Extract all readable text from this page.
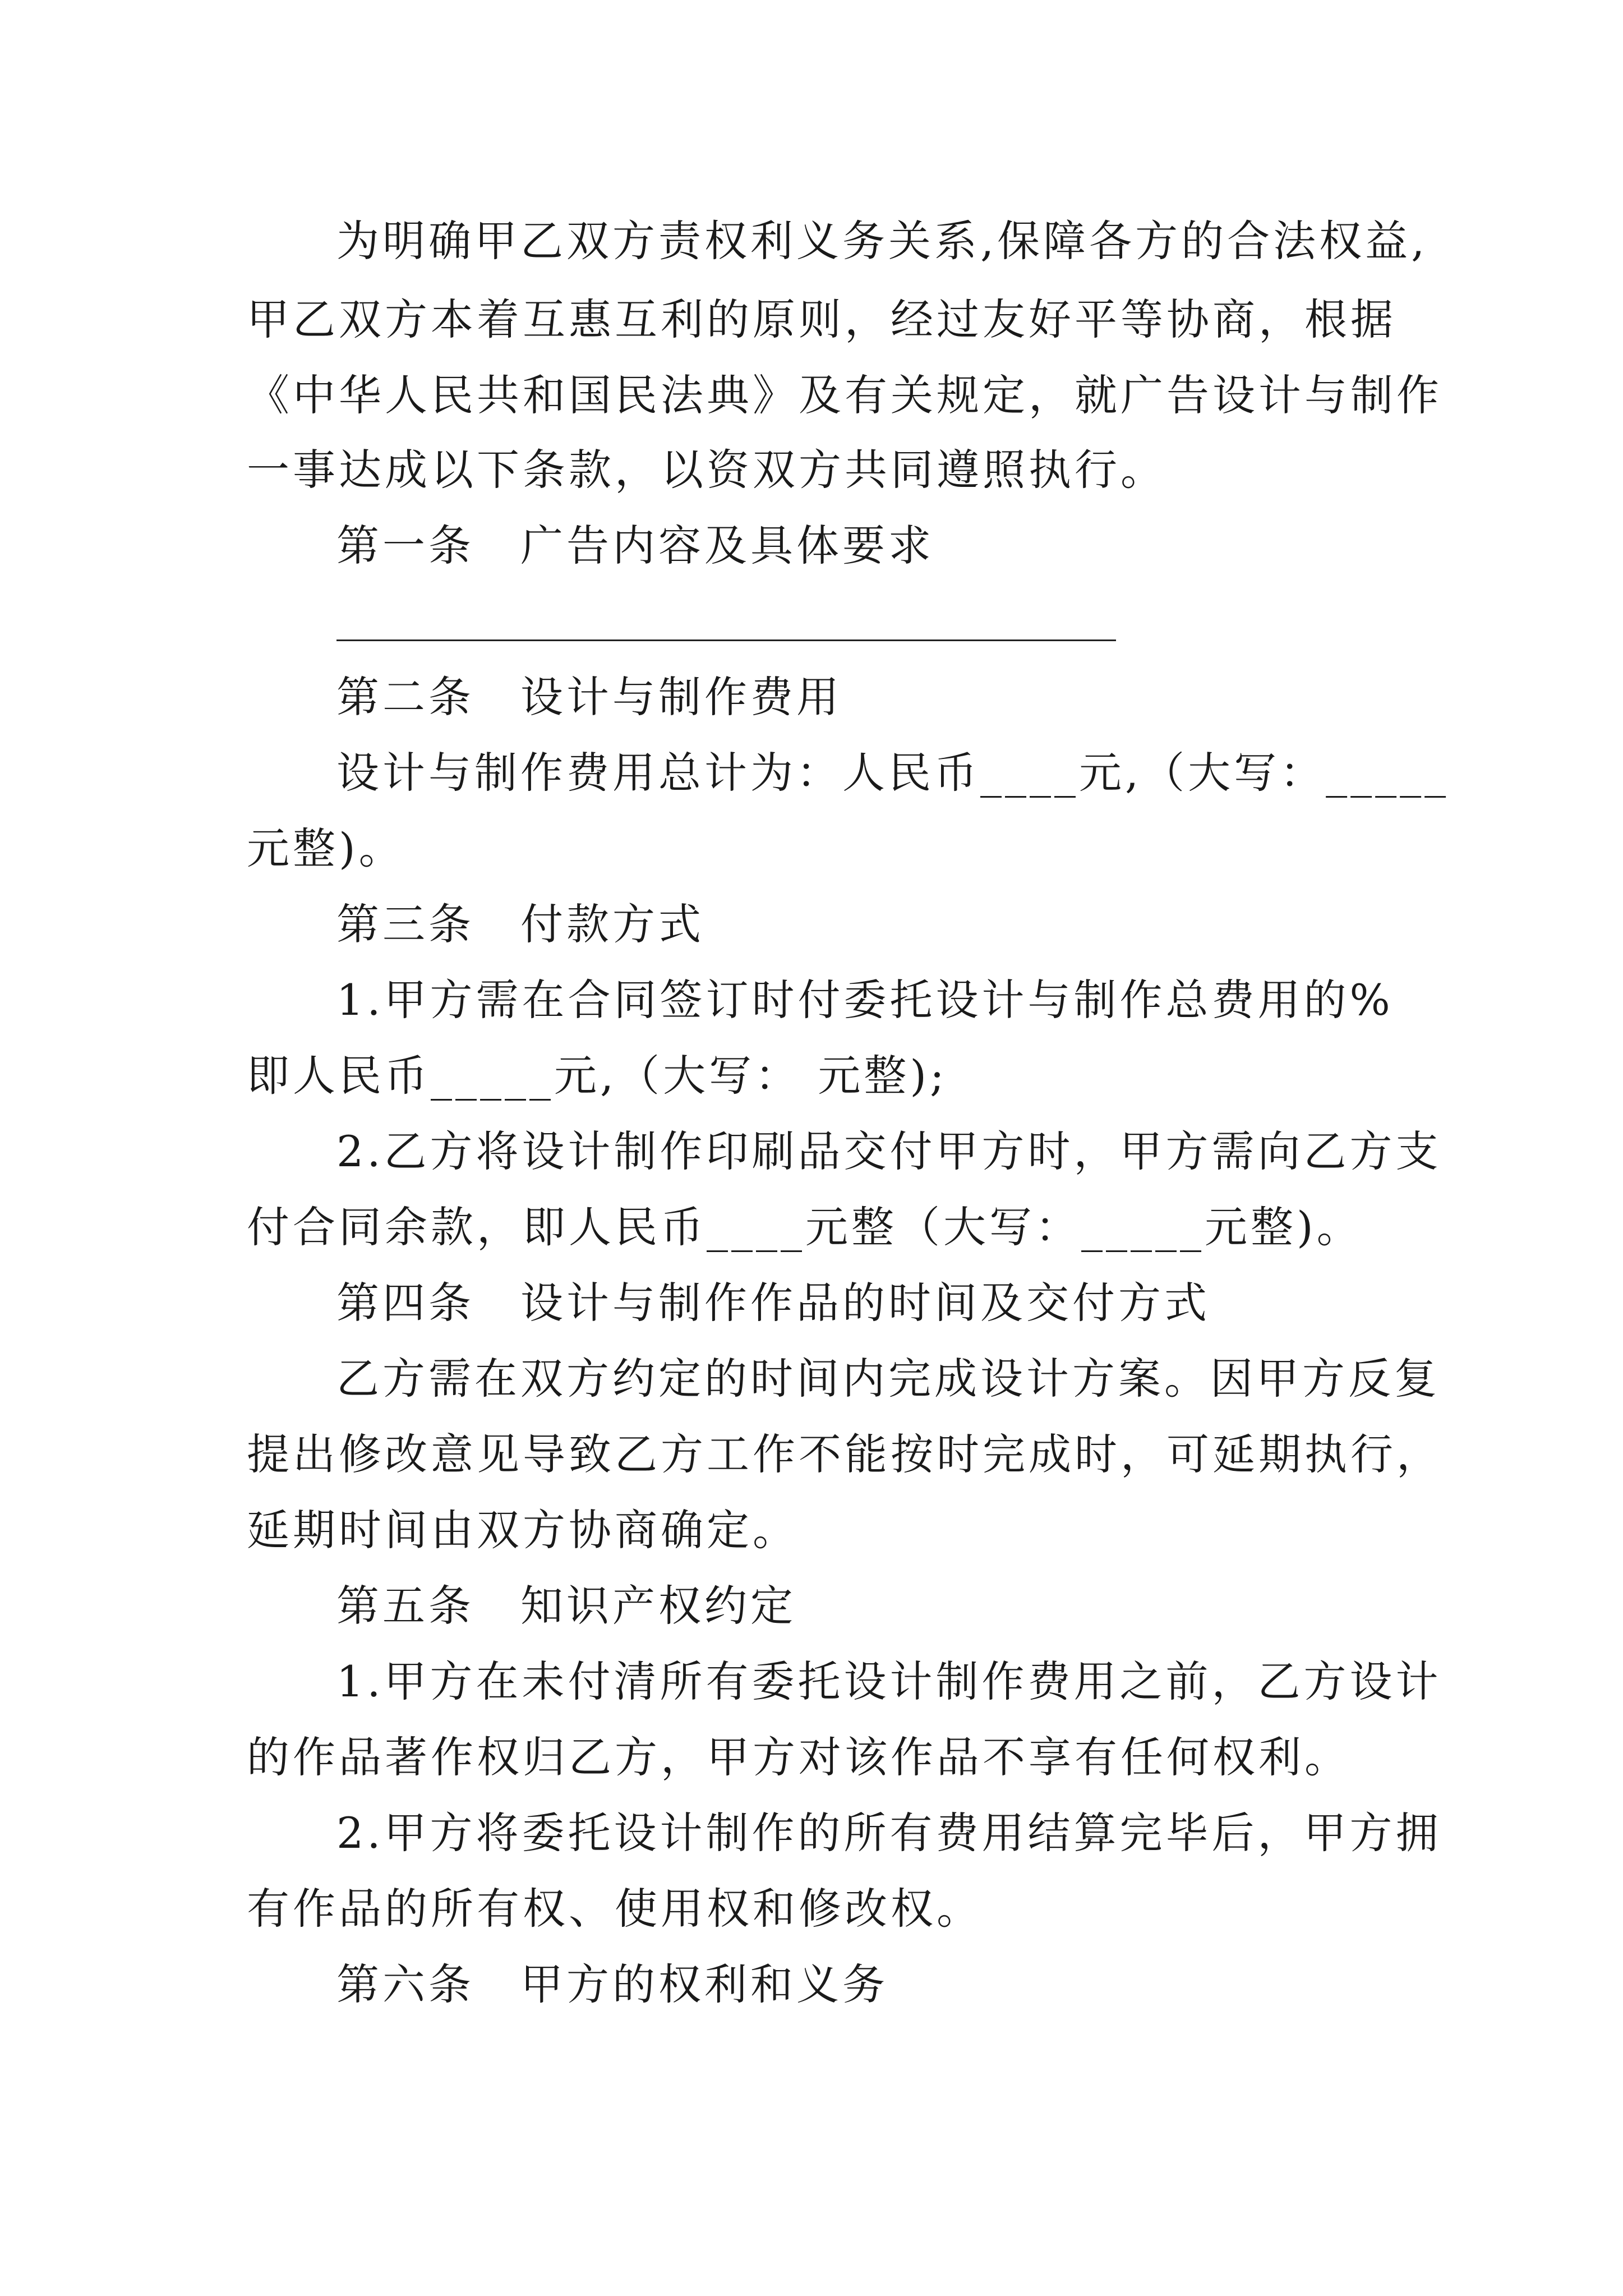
为明确甲乙双方责权利义务关系,保障各方的合法权益,
甲乙双方本着互惠互利的原则，经过友好平等协商，根据
《中华人民共和国民法典》及有关规定，就广告设计与制作
一事达成以下条款，以资双方共同遵照执行。
第一条　广告内容及具体要求
第二条　设计与制作费用
设计与制作费用总计为：人民币____元,（大写：_____
元整)。
第三条　付款方式
1.甲方需在合同签订时付委托设计与制作总费用的%
即人民币_____元,（大写： 元整);
2.乙方将设计制作印刷品交付甲方时，甲方需向乙方支
付合同余款，即人民币____元整（大写：_____元整)。
第四条　设计与制作作品的时间及交付方式
乙方需在双方约定的时间内完成设计方案。因甲方反复
提出修改意见导致乙方工作不能按时完成时，可延期执行，
延期时间由双方协商确定。
第五条　知识产权约定
1.甲方在未付清所有委托设计制作费用之前，乙方设计
的作品著作权归乙方，甲方对该作品不享有任何权利。
2.甲方将委托设计制作的所有费用结算完毕后，甲方拥
有作品的所有权、使用权和修改权。
第六条　甲方的权利和义务
